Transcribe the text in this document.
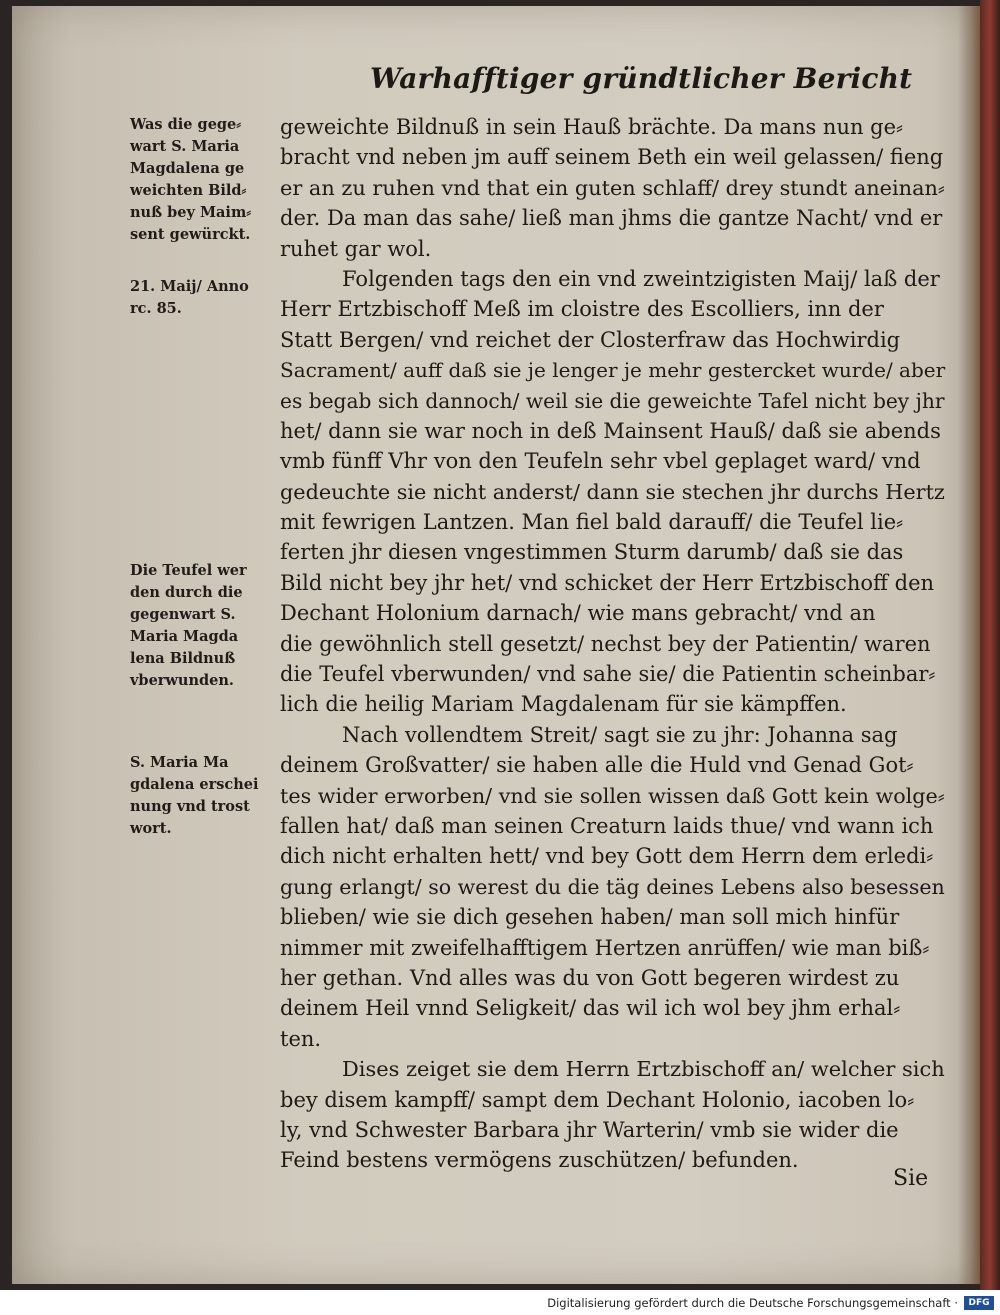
Warhafftiger gründtlicher Bericht
Was die gege⸗
wart S. Maria
Magdalena ge
weichten Bild⸗
nuß bey Maim⸗
sent gewürckt.
21. Maij/ Anno
rc. 85.
Die Teufel wer
den durch die
gegenwart S.
Maria Magda
lena Bildnuß
vberwunden.
S. Maria Ma
gdalena erschei
nung vnd trost
wort.
geweichte Bildnuß in sein Hauß brächte. Da mans nun ge⸗
bracht vnd neben jm auff seinem Beth ein weil gelassen/ fieng
er an zu ruhen vnd that ein guten schlaff/ drey stundt aneinan⸗
der. Da man das sahe/ ließ man jhms die gantze Nacht/ vnd er
ruhet gar wol.
Folgenden tags den ein vnd zweintzigisten Maij/ laß der
Herr Ertzbischoff Meß im cloistre des Escolliers, inn der
Statt Bergen/ vnd reichet der Closterfraw das Hochwirdig
Sacrament/ auff daß sie je lenger je mehr gestercket wurde/ aber
es begab sich dannoch/ weil sie die geweichte Tafel nicht bey jhr
het/ dann sie war noch in deß Mainsent Hauß/ daß sie abends
vmb fünff Vhr von den Teufeln sehr vbel geplaget ward/ vnd
gedeuchte sie nicht anderst/ dann sie stechen jhr durchs Hertz
mit fewrigen Lantzen. Man fiel bald darauff/ die Teufel lie⸗
ferten jhr diesen vngestimmen Sturm darumb/ daß sie das
Bild nicht bey jhr het/ vnd schicket der Herr Ertzbischoff den
Dechant Holonium darnach/ wie mans gebracht/ vnd an
die gewöhnlich stell gesetzt/ nechst bey der Patientin/ waren
die Teufel vberwunden/ vnd sahe sie/ die Patientin scheinbar⸗
lich die heilig Mariam Magdalenam für sie kämpffen.
Nach vollendtem Streit/ sagt sie zu jhr: Johanna sag
deinem Großvatter/ sie haben alle die Huld vnd Genad Got⸗
tes wider erworben/ vnd sie sollen wissen daß Gott kein wolge⸗
fallen hat/ daß man seinen Creaturn laids thue/ vnd wann ich
dich nicht erhalten hett/ vnd bey Gott dem Herrn dem erledi⸗
gung erlangt/ so werest du die täg deines Lebens also besessen
blieben/ wie sie dich gesehen haben/ man soll mich hinfür
nimmer mit zweifelhafftigem Hertzen anrüffen/ wie man biß⸗
her gethan. Vnd alles was du von Gott begeren wirdest zu
deinem Heil vnnd Seligkeit/ das wil ich wol bey jhm erhal⸗
ten.
Dises zeiget sie dem Herrn Ertzbischoff an/ welcher sich
bey disem kampff/ sampt dem Dechant Holonio, iacoben lo⸗
ly, vnd Schwester Barbara jhr Warterin/ vmb sie wider die
Feind bestens vermögens zuschützen/ befunden.
Sie
Digitalisierung gefördert durch die Deutsche Forschungsgemeinschaft ·	DFG
